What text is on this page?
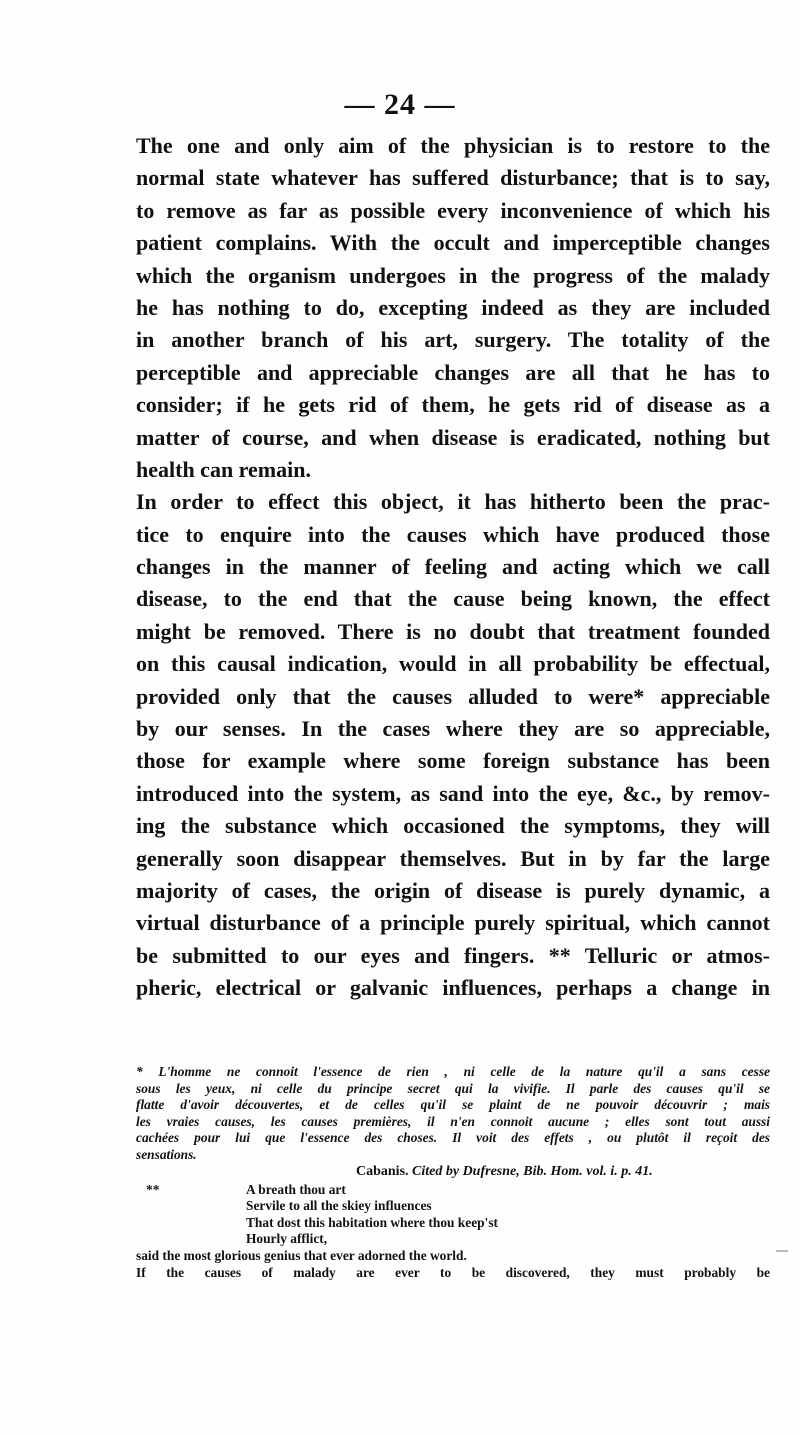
— 24 —
The one and only aim of the physician is to restore to the
normal state whatever has suffered disturbance; that is to say,
to remove as far as possible every inconvenience of which his
patient complains. With the occult and imperceptible changes
which the organism undergoes in the progress of the malady
he has nothing to do, excepting indeed as they are included
in another branch of his art, surgery. The totality of the
perceptible and appreciable changes are all that he has to
consider; if he gets rid of them, he gets rid of disease as a
matter of course, and when disease is eradicated, nothing but
health can remain.
In order to effect this object, it has hitherto been the prac-
tice to enquire into the causes which have produced those
changes in the manner of feeling and acting which we call
disease, to the end that the cause being known, the effect
might be removed. There is no doubt that treatment founded
on this causal indication, would in all probability be effectual,
provided only that the causes alluded to were* appreciable
by our senses. In the cases where they are so appreciable,
those for example where some foreign substance has been
introduced into the system, as sand into the eye, &c., by remov-
ing the substance which occasioned the symptoms, they will
generally soon disappear themselves. But in by far the large
majority of cases, the origin of disease is purely dynamic, a
virtual disturbance of a principle purely spiritual, which cannot
be submitted to our eyes and fingers. ** Telluric or atmos-
pheric, electrical or galvanic influences, perhaps a change in
* L'homme ne connoit l'essence de rien , ni celle de la nature qu'il a sans cesse
sous les yeux, ni celle du principe secret qui la vivifie. Il parle des causes qu'il se
flatte d'avoir découvertes, et de celles qu'il se plaint de ne pouvoir découvrir ; mais
les vraies causes, les causes premières, il n'en connoit aucune ; elles sont tout aussi
cachées pour lui que l'essence des choses. Il voit des effets , ou plutôt il reçoit des
sensations.
Cabanis. Cited by Dufresne, Bib. Hom. vol. i. p. 41.
**	A breath thou art
Servile to all the skiey influences
That dost this habitation where thou keep'st
Hourly afflict,
said the most glorious genius that ever adorned the world.
If the causes of malady are ever to be discovered, they must probably be
